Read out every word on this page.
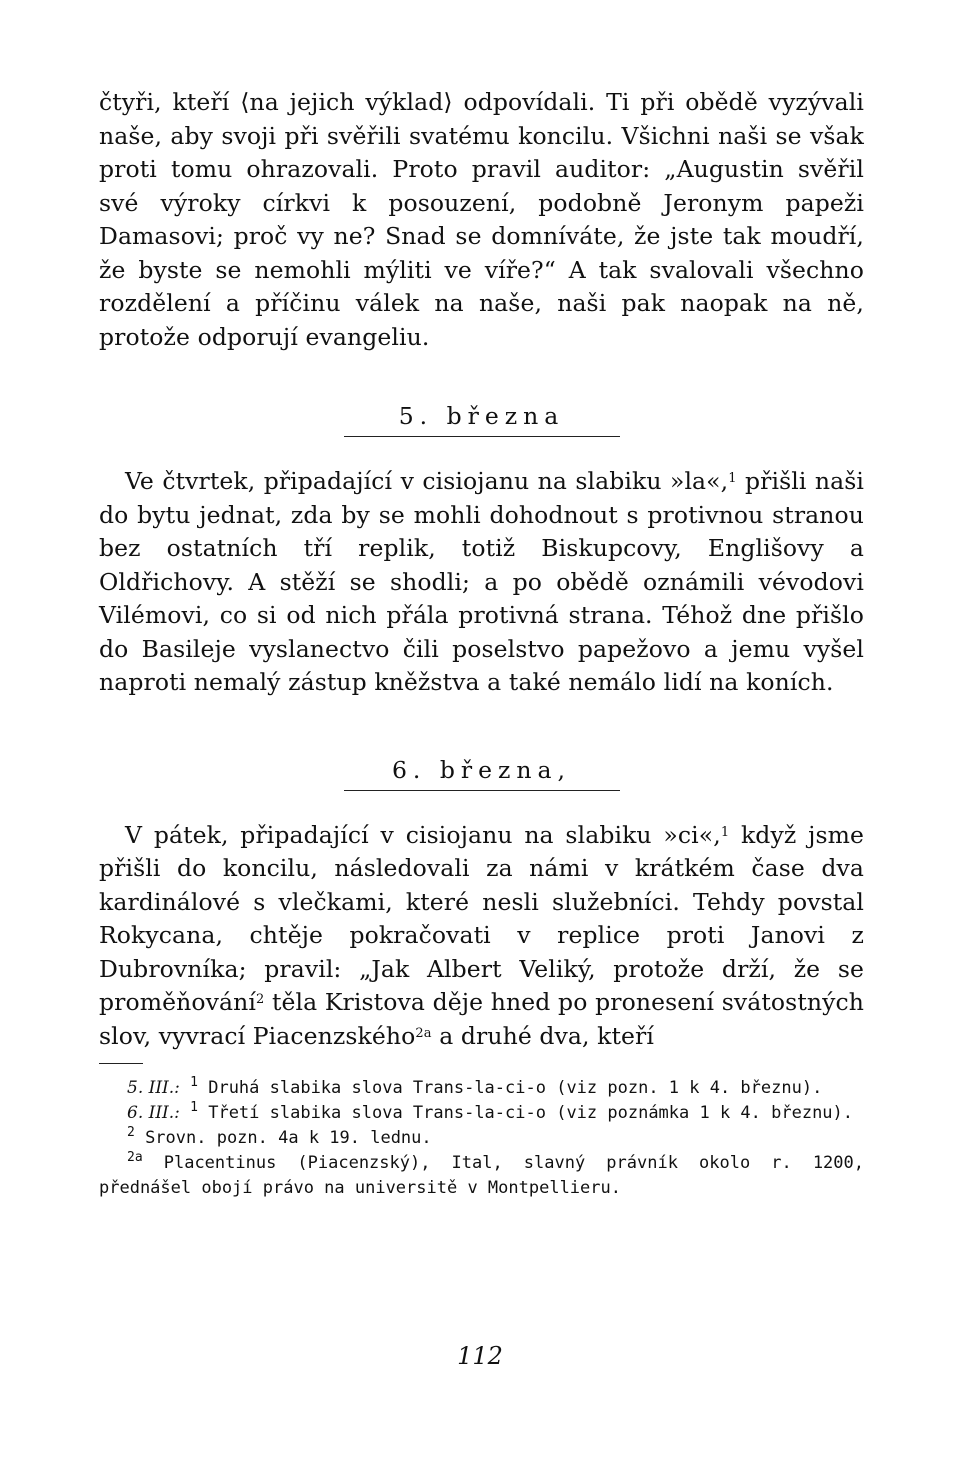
čtyři, kteří ⟨na jejich výklad⟩ odpovídali. Ti při obědě vyzývali naše, aby svoji při svěřili svatému koncilu. Všichni naši se však proti tomu ohrazovali. Proto pravil auditor: „Augustin svěřil své výroky církvi k posouzení, podobně Jeronym papeži Damasovi; proč vy ne? Snad se domníváte, že jste tak moudří, že byste se nemohli mýliti ve víře?“ A tak svalovali všechno rozdělení a příčinu válek na naše, naši pak naopak na ně, protože odporují evangeliu.

5. března

Ve čtvrtek, připadající v cisiojanu na slabiku »la«,$^1$ přišli naši do bytu jednat, zda by se mohli dohodnout s protivnou stranou bez ostatních tří replik, totiž Biskupcovy, Englišovy a Oldřichovy. A stěží se shodli; a po obědě oznámili vévodovi Vilémovi, co si od nich přála protivná strana. Téhož dne přišlo do Basileje vyslanectvo čili poselstvo papežovo a jemu vyšel naproti nemalý zástup kněžstva a také nemálo lidí na koních.

6. března,

V pátek, připadající v cisiojanu na slabiku »ci«,$^1$ když jsme přišli do koncilu, následovali za námi v krátkém čase dva kardinálové s vlečkami, které nesli služebníci. Tehdy povstal Rokycana, chtěje pokračovati v replice proti Janovi z Dubrovníka; pravil: „Jak Albert Veliký, protože drží, že se proměňování$^2$ těla Kristova děje hned po pronesení svátostných slov, vyvrací Piacenzského$^{2a}$ a druhé dva, kteří

5. III.: $^1$ Druhá slabika slova Trans-la-ci-o (viz pozn. 1 k 4. březnu).

6. III.: $^1$ Třetí slabika slova Trans-la-ci-o (viz poznámka 1 k 4. březnu).

$^2$ Srovn. pozn. 4a k 19. lednu.

$^{2a}$ Placentinus (Piacenzský), Ital, slavný právník okolo r. 1200, přednášel obojí právo na universitě v Montpellieru.

112
